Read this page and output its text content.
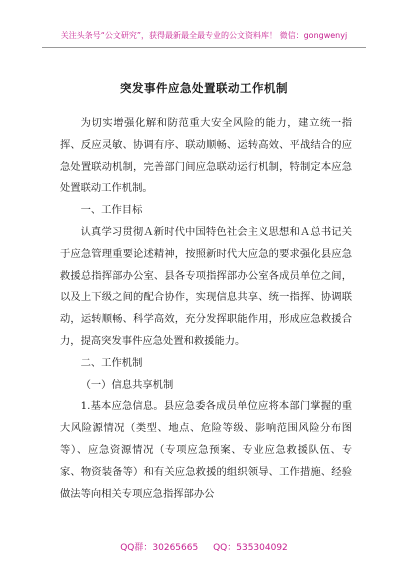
关注头条号“公文研究”，获得最新最全最专业的公文资料库！ 微信：gongwenyj
突发事件应急处置联动工作机制

为切实增强化解和防范重大安全风险的能力，建立统一指挥、反应灵敏、协调有序、联动顺畅、运转高效、平战结合的应急处置联动机制，完善部门间应急联动运行机制，特制定本应急处置联动工作机制。

一、工作目标

认真学习贯彻Ａ新时代中国特色社会主义思想和Ａ总书记关于应急管理重要论述精神，按照新时代大应急的要求强化县应急救援总指挥部办公室、县各专项指挥部办公室各成员单位之间，以及上下级之间的配合协作，实现信息共享、统一指挥、协调联动，运转顺畅、科学高效，充分发挥职能作用，形成应急救援合力，提高突发事件应急处置和救援能力。

二、工作机制

（一）信息共享机制

1.基本应急信息。县应急委各成员单位应将本部门掌握的重大风险源情况（类型、地点、危险等级、影响范围风险分布图等）、应急资源情况（专项应急预案、专业应急救援队伍、专家、物资装备等）和有关应急救援的组织领导、工作措施、经验做法等向相关专项应急指挥部办公

QQ群：30265665 QQ：535304092
